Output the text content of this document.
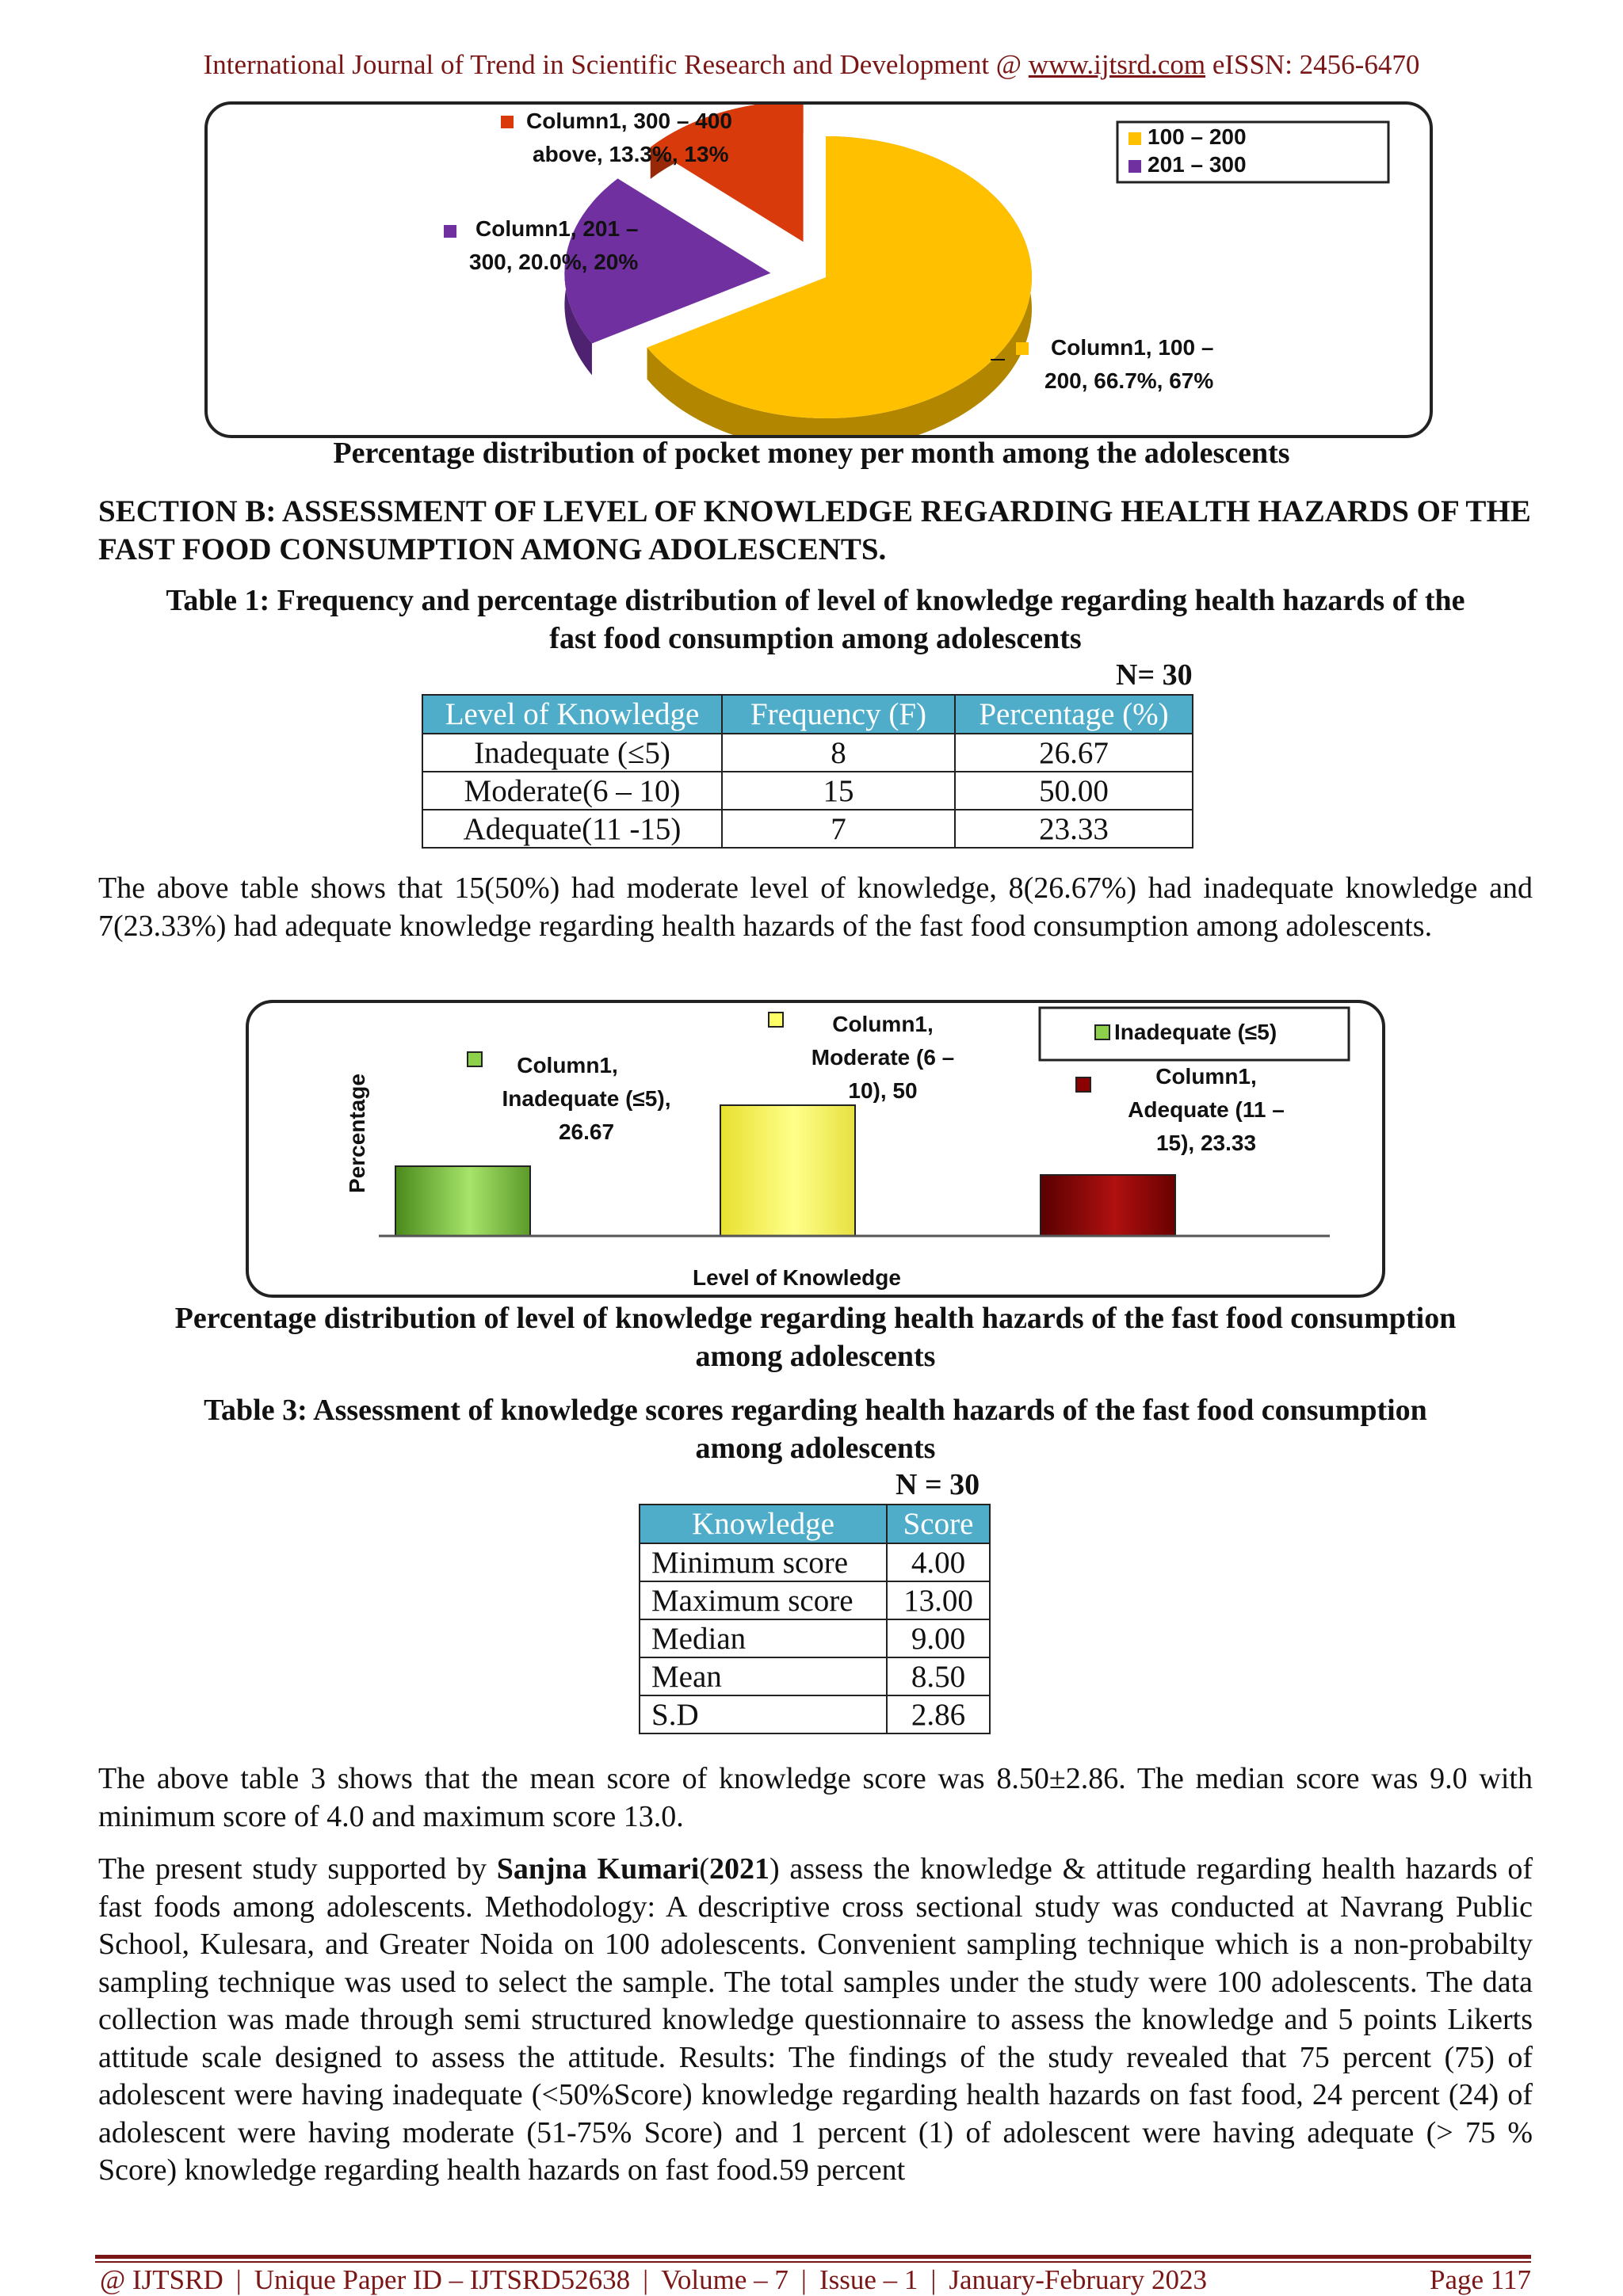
International Journal of Trend in Scientific Research and Development @ www.ijtsrd.com eISSN: 2456-6470
100 – 200
201 – 300
Column1, 300 – 400
above, 13.3%, 13%
Column1, 201 –
300, 20.0%, 20%
Column1, 100 –
200, 66.7%, 67%
Percentage distribution of pocket money per month among the adolescents
SECTION B: ASSESSMENT OF LEVEL OF KNOWLEDGE REGARDING HEALTH HAZARDS OF THE FAST FOOD CONSUMPTION AMONG ADOLESCENTS.
Table 1: Frequency and percentage distribution of level of knowledge regarding health hazards of the
fast food consumption among adolescents
N= 30
Level of Knowledge	Frequency (F)	Percentage (%)
Inadequate (≤5)	8	26.67
Moderate(6 – 10)	15	50.00
Adequate(11 -15)	7	23.33
The above table shows that 15(50%) had moderate level of knowledge, 8(26.67%) had inadequate knowledge and 7(23.33%) had adequate knowledge regarding health hazards of the fast food consumption among adolescents.
Percentage
Level of Knowledge
Inadequate (≤5)
Column1,
Inadequate (≤5),
26.67
Column1,
Moderate (6 –
10), 50
Column1,
Adequate (11 –
15), 23.33
Percentage distribution of level of knowledge regarding health hazards of the fast food consumption
among adolescents
Table 3: Assessment of knowledge scores regarding health hazards of the fast food consumption
among adolescents
N = 30
Knowledge	Score
Minimum score	4.00
Maximum score	13.00
Median	9.00
Mean	8.50
S.D	2.86
The above table 3 shows that the mean score of knowledge score was 8.50±2.86. The median score was 9.0 with minimum score of 4.0 and maximum score 13.0.
The present study supported by Sanjna Kumari(2021) assess the knowledge & attitude regarding health hazards of fast foods among adolescents. Methodology: A descriptive cross sectional study was conducted at Navrang Public School, Kulesara, and Greater Noida on 100 adolescents. Convenient sampling technique which is a non-probabilty sampling technique was used to select the sample. The total samples under the study were 100 adolescents. The data collection was made through semi structured knowledge questionnaire to assess the knowledge and 5 points Likerts attitude scale designed to assess the attitude. Results: The findings of the study revealed that 75 percent (75) of adolescent were having inadequate (<50%Score) knowledge regarding health hazards on fast food, 24 percent (24) of adolescent were having moderate (51-75% Score) and 1 percent (1) of adolescent were having adequate (> 75 % Score) knowledge regarding health hazards on fast food.59 percent
@ IJTSRD | Unique Paper ID – IJTSRD52638 | Volume – 7 | Issue – 1 | January-February 2023	Page 117
